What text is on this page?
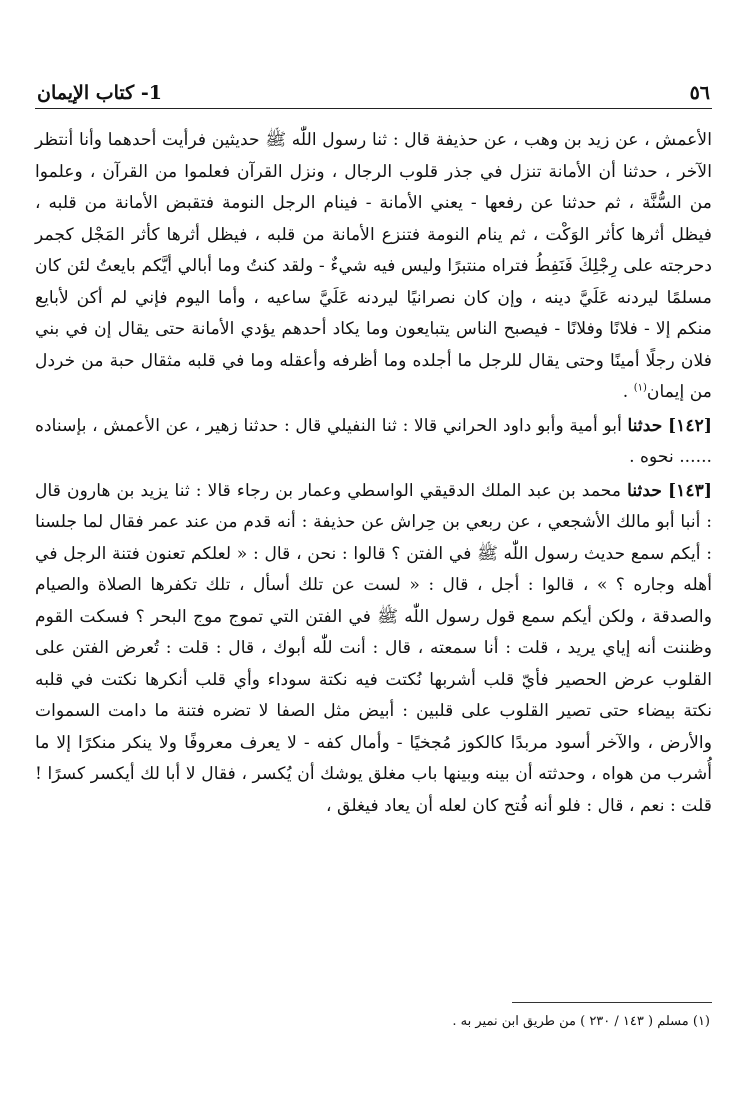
٥٦
1- كتاب الإيمان

الأعمش ، عن زيد بن وهب ، عن حذيفة قال : ثنا رسول اللّٰه ﷺ حديثين فرأيت أحدهما وأنا أنتظر الآخر ، حدثنا أن الأمانة تنزل في جذر قلوب الرجال ، ونزل القرآن فعلموا من القرآن ، وعلموا من السُّنَّة ، ثم حدثنا عن رفعها - يعني الأمانة - فينام الرجل النومة فتقبض الأمانة من قلبه ، فيظل أثرها كأثر الوَكْت ، ثم ينام النومة فتنزع الأمانة من قلبه ، فيظل أثرها كأثر المَجْل كجمر دحرجته على رِجْلِكَ فَنَفِطُ فتراه منتبرًا وليس فيه شيءٌ - ولقد كنتُ وما أبالي أيَّكم بايعتُ لئن كان مسلمًا ليردنه عَلَيَّ دينه ، وإن كان نصرانيًا ليردنه عَلَيَّ ساعيه ، وأما اليوم فإني لم أكن لأبايع منكم إلا - فلانًا وفلانًا - فيصبح الناس يتبايعون وما يكاد أحدهم يؤدي الأمانة حتى يقال إن في بني فلان رجلًا أمينًا وحتى يقال للرجل ما أجلده وما أظرفه وأعقله وما في قلبه مثقال حبة من خردل من إيمان$^{(١)}$ .

[١٤٢] حدثنا أبو أمية وأبو داود الحراني قالا : ثنا النفيلي قال : حدثنا زهير ، عن الأعمش ، بإسناده ...... نحوه .

[١٤٣] حدثنا محمد بن عبد الملك الدقيقي الواسطي وعمار بن رجاء قالا : ثنا يزيد بن هارون قال : أنبا أبو مالك الأشجعي ، عن ربعي بن حِراش عن حذيفة : أنه قدم من عند عمر فقال لما جلسنا : أيكم سمع حديث رسول اللّٰه ﷺ في الفتن ؟ قالوا : نحن ، قال : « لعلكم تعنون فتنة الرجل في أهله وجاره ؟ » ، قالوا : أجل ، قال : « لست عن تلك أسأل ، تلك تكفرها الصلاة والصيام والصدقة ، ولكن أيكم سمع قول رسول اللّٰه ﷺ في الفتن التي تموج موج البحر ؟ فسكت القوم وظننت أنه إياي يريد ، قلت : أنا سمعته ، قال : أنت للّٰه أبوك ، قال : قلت : تُعرض الفتن على القلوب عرض الحصير فأيّ قلب أشربها نُكتت فيه نكتة سوداء وأي قلب أنكرها نكتت في قلبه نكتة بيضاء حتى تصير القلوب على قلبين : أبيض مثل الصفا لا تضره فتنة ما دامت السموات والأرض ، والآخر أسود مربدًا كالكوز مُجخيًا - وأمال كفه - لا يعرف معروفًا ولا ينكر منكرًا إلا ما أُشرب من هواه ، وحدثته أن بينه وبينها باب مغلق يوشك أن يُكسر ، فقال لا أبا لك أيكسر كسرًا ! قلت : نعم ، قال : فلو أنه فُتح كان لعله أن يعاد فيغلق ،

(١) مسلم ( ١٤٣ / ٢٣٠ ) من طريق ابن نمير به .
